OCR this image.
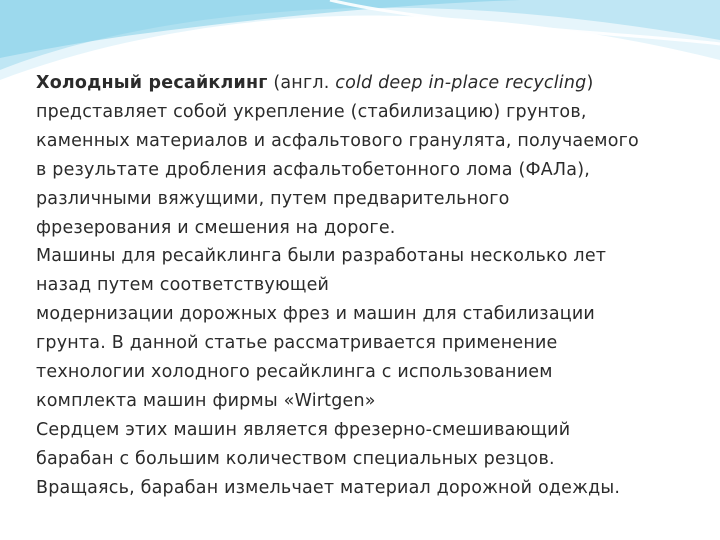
Холодный ресайклинг (англ. cold deep in-place recycling)
представляет собой укрепление (стабилизацию) грунтов,
каменных материалов и асфальтового гранулята, получаемого
в результате дробления асфальтобетонного лома (ФАЛа),
различными вяжущими, путем предварительного
фрезерования и смешения на дороге.
Машины для ресайклинга были разработаны несколько лет
назад путем соответствующей
модернизации дорожных фрез и машин для стабилизации
грунта. В данной статье рассматривается применение
технологии холодного ресайклинга с использованием
комплекта машин фирмы «Wirtgen»
Сердцем этих машин является фрезерно-смешивающий
барабан с большим количеством специальных резцов.
Вращаясь, барабан измельчает материал дорожной одежды.
